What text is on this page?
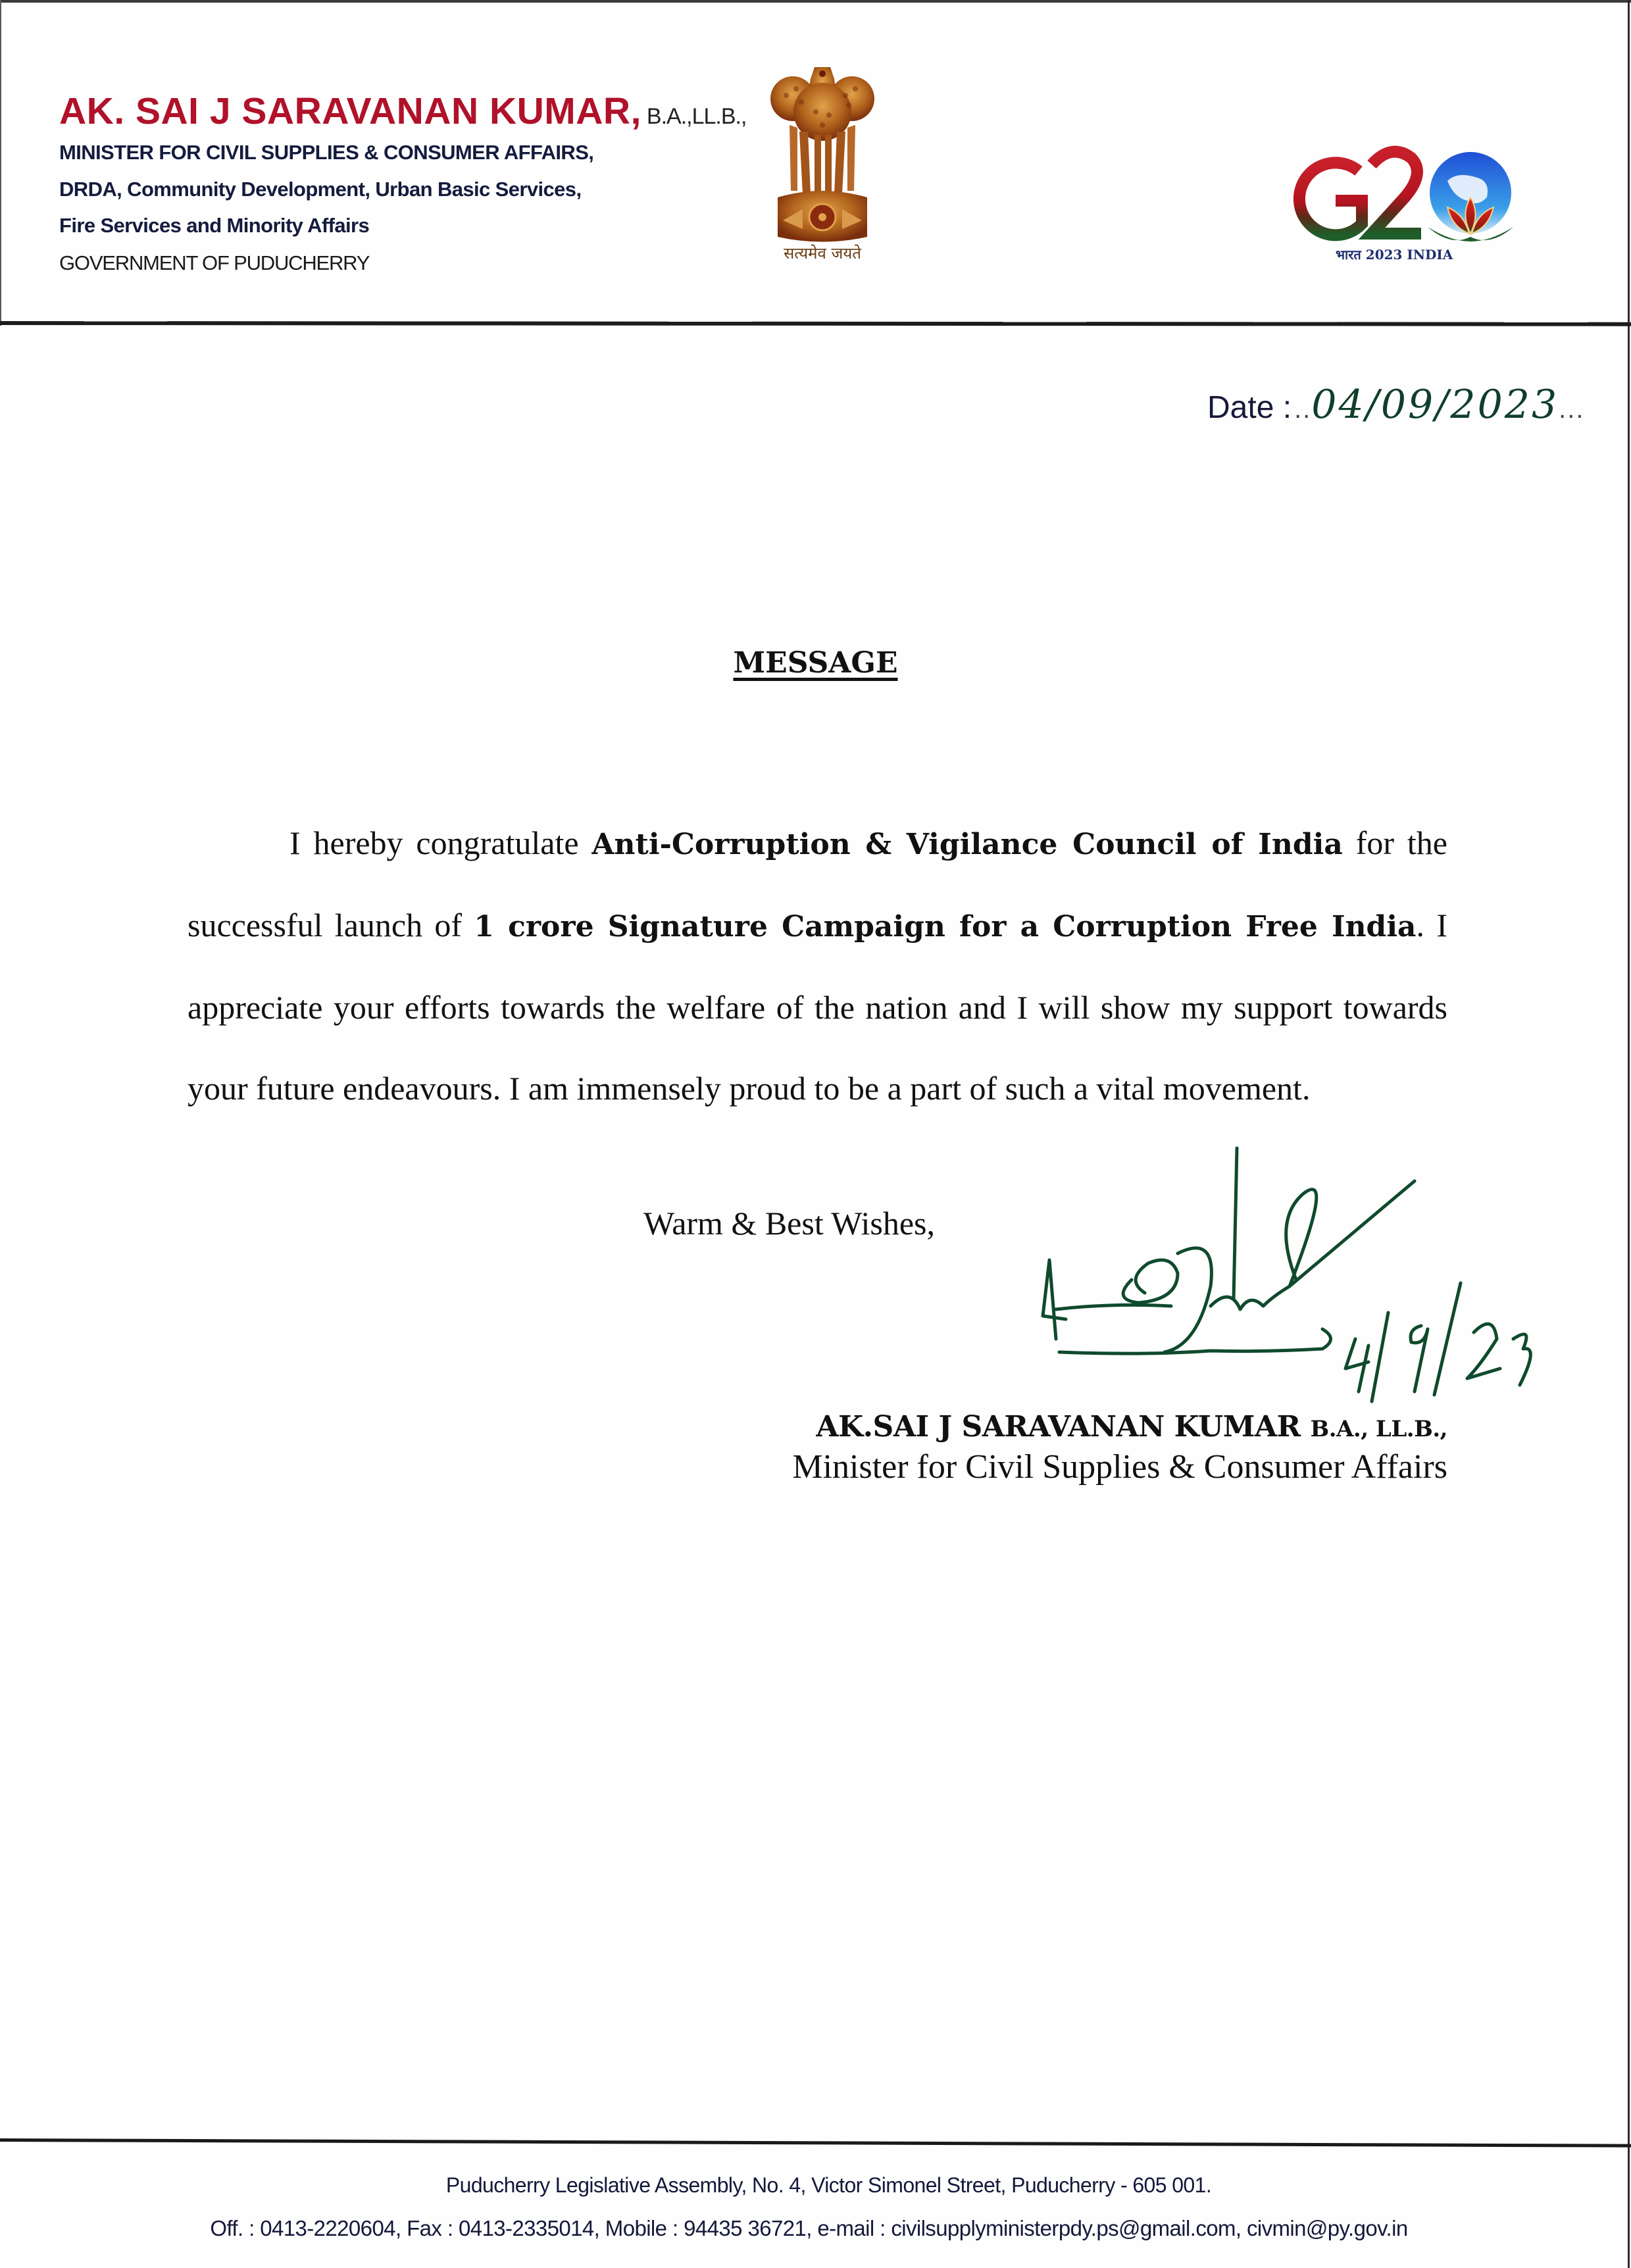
AK. SAI J SARAVANAN KUMAR, B.A.,LL.B.,
MINISTER FOR CIVIL SUPPLIES & CONSUMER AFFAIRS,
DRDA, Community Development, Urban Basic Services,
Fire Services and Minority Affairs
GOVERNMENT OF PUDUCHERRY	सत्यमेव जयते	भारत 2023 INDIA
Date : ..04/09/2023...
MESSAGE

I hereby congratulate Anti-Corruption & Vigilance Council of India for the successful launch of 1 crore Signature Campaign for a Corruption Free India. I appreciate your efforts towards the welfare of the nation and I will show my support towards your future endeavours. I am immensely proud to be a part of such a vital movement.

Warm & Best Wishes,
AK.SAI J SARAVANAN KUMAR B.A., LL.B.,
Minister for Civil Supplies & Consumer Affairs
Puducherry Legislative Assembly, No. 4, Victor Simonel Street, Puducherry - 605 001.
Off. : 0413-2220604, Fax : 0413-2335014, Mobile : 94435 36721, e-mail : civilsupplyministerpdy.ps@gmail.com, civmin@py.gov.in
